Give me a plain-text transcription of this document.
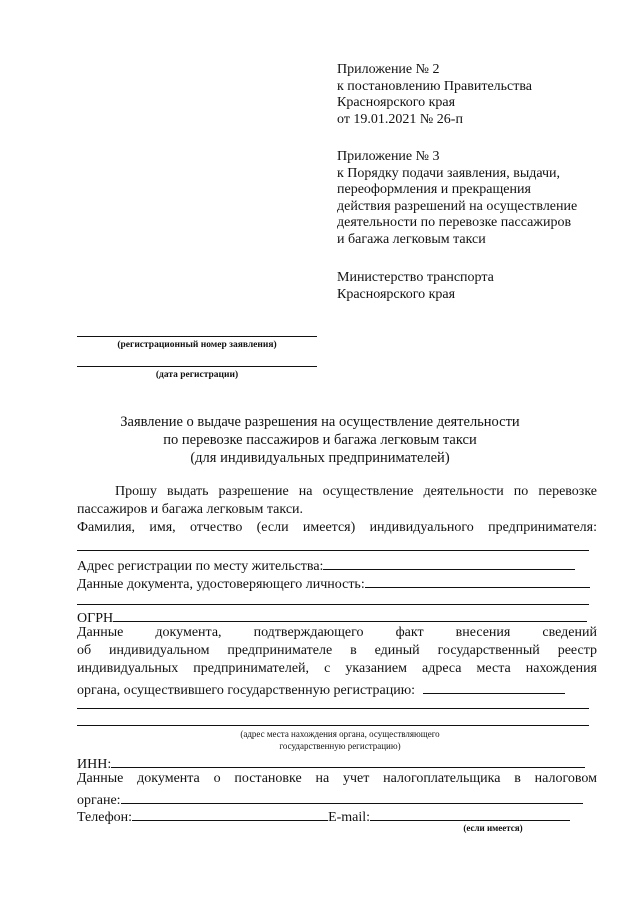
Приложение № 2
к постановлению Правительства
Красноярского края
от 19.01.2021 № 26-п
Приложение № 3
к Порядку подачи заявления, выдачи,
переоформления и прекращения
действия разрешений на осуществление
деятельности по перевозке пассажиров
и багажа легковым такси
Министерство транспорта
Красноярского края
(регистрационный номер заявления)
(дата регистрации)
Заявление о выдаче разрешения на осуществление деятельности
по перевозке пассажиров и багажа легковым такси
(для индивидуальных предпринимателей)
Прошу выдать разрешение на осуществление деятельности по перевозке
пассажиров и багажа легковым такси.
Фамилия, имя, отчество (если имеется) индивидуального предпринимателя:
Адрес регистрации по месту жительства:
Данные документа, удостоверяющего личность:
ОГРН
Данные документа, подтверждающего факт внесения сведений
об индивидуальном предпринимателе в единый государственный реестр
индивидуальных предпринимателей, с указанием адреса места нахождения
органа, осуществившего государственную регистрацию:
(адрес места нахождения органа, осуществляющего
государственную регистрацию)
ИНН:
Данные документа о постановке на учет налогоплательщика в налоговом
органе:
Телефон:	E-mail:
(если имеется)
